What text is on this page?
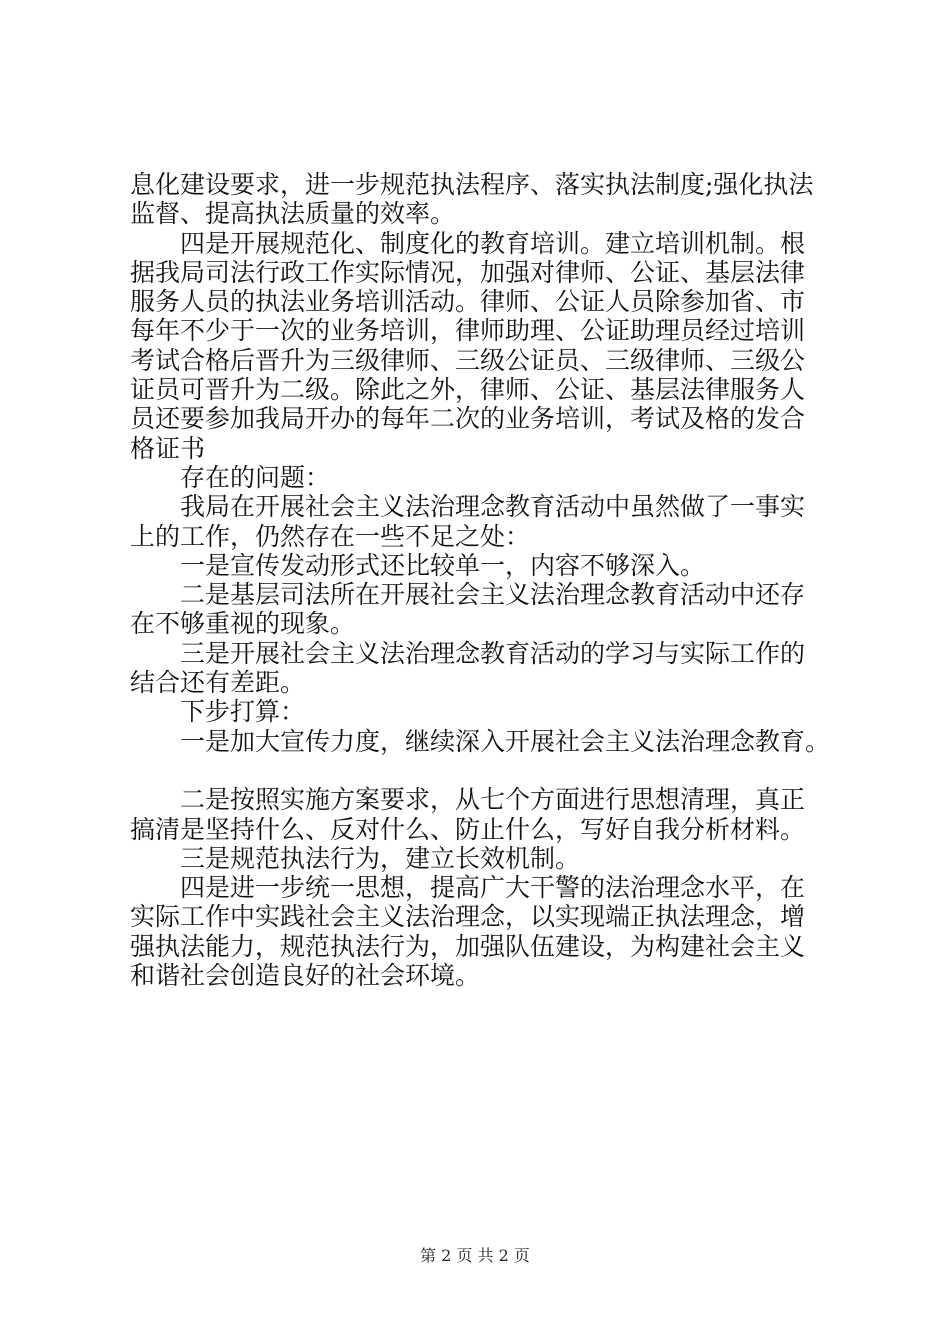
息化建设要求，进一步规范执法程序、落实执法制度;强化执法
监督、提高执法质量的效率。
四是开展规范化、制度化的教育培训。建立培训机制。根
据我局司法行政工作实际情况，加强对律师、公证、基层法律
服务人员的执法业务培训活动。律师、公证人员除参加省、市
每年不少于一次的业务培训，律师助理、公证助理员经过培训
考试合格后晋升为三级律师、三级公证员、三级律师、三级公
证员可晋升为二级。除此之外，律师、公证、基层法律服务人
员还要参加我局开办的每年二次的业务培训，考试及格的发合
格证书
存在的问题：
我局在开展社会主义法治理念教育活动中虽然做了一事实
上的工作，仍然存在一些不足之处：
一是宣传发动形式还比较单一，内容不够深入。
二是基层司法所在开展社会主义法治理念教育活动中还存
在不够重视的现象。
三是开展社会主义法治理念教育活动的学习与实际工作的
结合还有差距。
下步打算：
一是加大宣传力度，继续深入开展社会主义法治理念教育。
二是按照实施方案要求，从七个方面进行思想清理，真正
搞清是坚持什么、反对什么、防止什么，写好自我分析材料。
三是规范执法行为，建立长效机制。
四是进一步统一思想，提高广大干警的法治理念水平，在
实际工作中实践社会主义法治理念，以实现端正执法理念，增
强执法能力，规范执法行为，加强队伍建设，为构建社会主义
和谐社会创造良好的社会环境。
第 2 页 共 2 页
